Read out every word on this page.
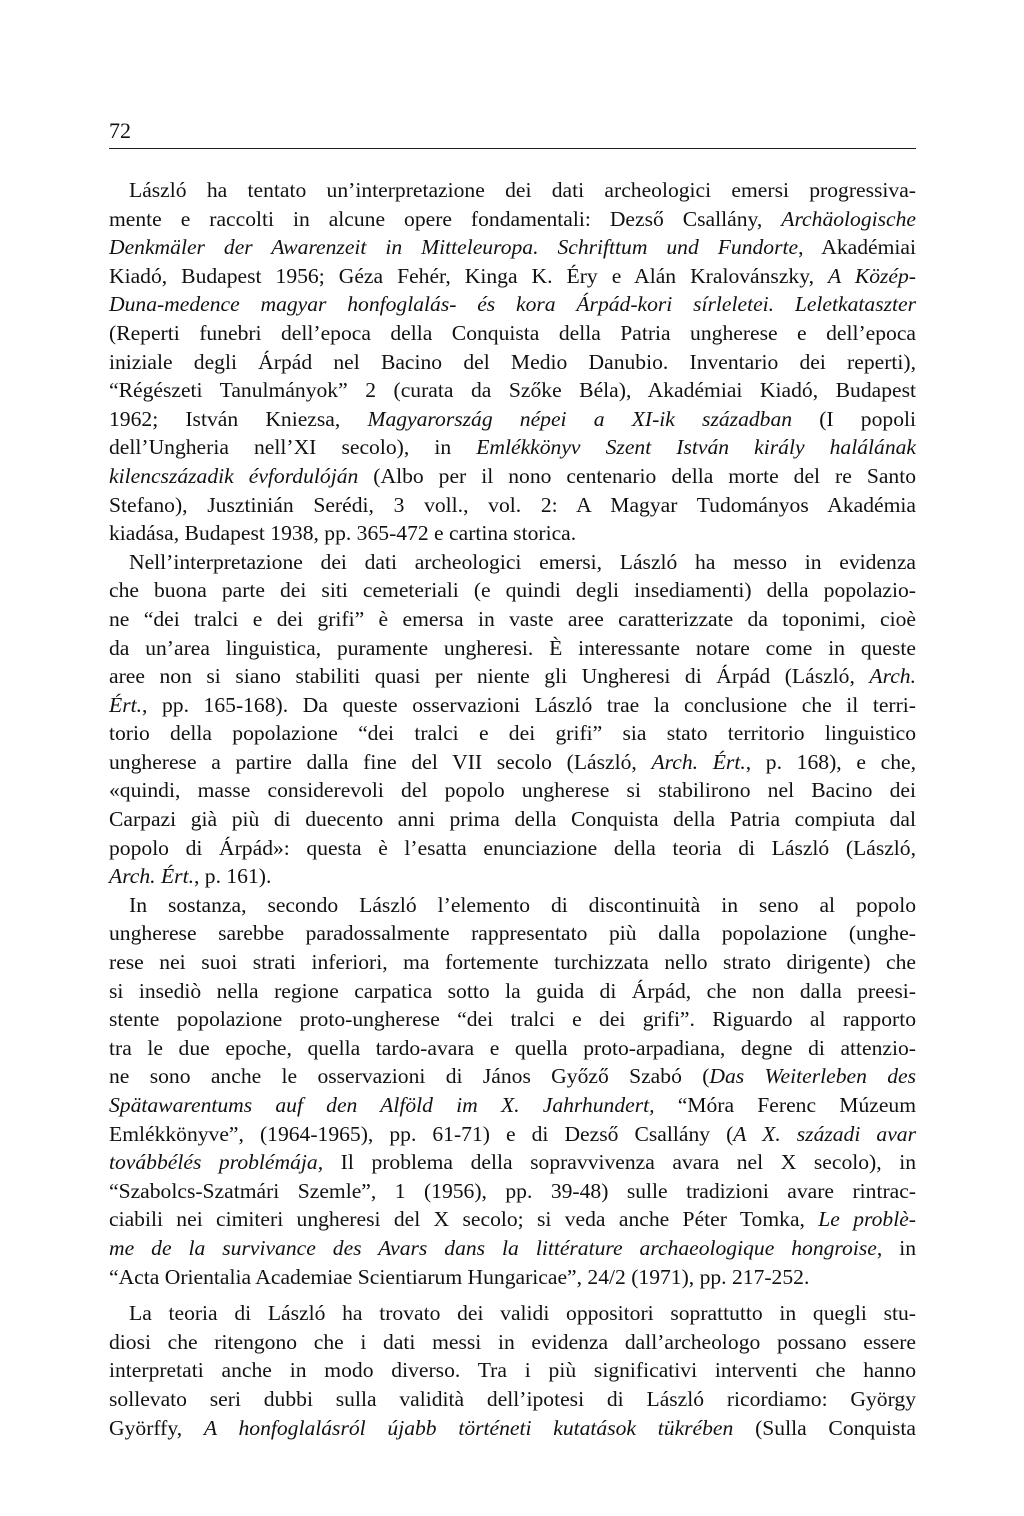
72
László ha tentato un’interpretazione dei dati archeologici emersi progressiva-
mente e raccolti in alcune opere fondamentali: Dezső Csallány, Archäologische
Denkmäler der Awarenzeit in Mitteleuropa. Schrifttum und Fundorte, Akadémiai
Kiadó, Budapest 1956; Géza Fehér, Kinga K. Éry e Alán Kralovánszky, A Közép-
Duna-medence magyar honfoglalás- és kora Árpád-kori sírleletei. Leletkataszter
(Reperti funebri dell’epoca della Conquista della Patria ungherese e dell’epoca
iniziale degli Árpád nel Bacino del Medio Danubio. Inventario dei reperti),
“Régészeti Tanulmányok” 2 (curata da Szőke Béla), Akadémiai Kiadó, Budapest
1962; István Kniezsa, Magyarország népei a XI-ik században (I popoli
dell’Ungheria nell’XI secolo), in Emlékkönyv Szent István király halálának
kilencszázadik évfordulóján (Albo per il nono centenario della morte del re Santo
Stefano), Jusztinián Serédi, 3 voll., vol. 2: A Magyar Tudományos Akadémia
kiadása, Budapest 1938, pp. 365-472 e cartina storica.
Nell’interpretazione dei dati archeologici emersi, László ha messo in evidenza
che buona parte dei siti cemeteriali (e quindi degli insediamenti) della popolazio-
ne “dei tralci e dei grifi” è emersa in vaste aree caratterizzate da toponimi, cioè
da un’area linguistica, puramente ungheresi. È interessante notare come in queste
aree non si siano stabiliti quasi per niente gli Ungheresi di Árpád (László, Arch.
Ért., pp. 165-168). Da queste osservazioni László trae la conclusione che il terri-
torio della popolazione “dei tralci e dei grifi” sia stato territorio linguistico
ungherese a partire dalla fine del VII secolo (László, Arch. Ért., p. 168), e che,
«quindi, masse considerevoli del popolo ungherese si stabilirono nel Bacino dei
Carpazi già più di duecento anni prima della Conquista della Patria compiuta dal
popolo di Árpád»: questa è l’esatta enunciazione della teoria di László (László,
Arch. Ért., p. 161).
In sostanza, secondo László l’elemento di discontinuità in seno al popolo
ungherese sarebbe paradossalmente rappresentato più dalla popolazione (unghe-
rese nei suoi strati inferiori, ma fortemente turchizzata nello strato dirigente) che
si insediò nella regione carpatica sotto la guida di Árpád, che non dalla preesi-
stente popolazione proto-ungherese “dei tralci e dei grifi”. Riguardo al rapporto
tra le due epoche, quella tardo-avara e quella proto-arpadiana, degne di attenzio-
ne sono anche le osservazioni di János Győző Szabó (Das Weiterleben des
Spätawarentums auf den Alföld im X. Jahrhundert, “Móra Ferenc Múzeum
Emlékkönyve”, (1964-1965), pp. 61-71) e di Dezső Csallány (A X. századi avar
továbbélés problémája, Il problema della sopravvivenza avara nel X secolo), in
“Szabolcs-Szatmári Szemle”, 1 (1956), pp. 39-48) sulle tradizioni avare rintrac-
ciabili nei cimiteri ungheresi del X secolo; si veda anche Péter Tomka, Le problè-
me de la survivance des Avars dans la littérature archaeologique hongroise, in
“Acta Orientalia Academiae Scientiarum Hungaricae”, 24/2 (1971), pp. 217-252.
La teoria di László ha trovato dei validi oppositori soprattutto in quegli stu-
diosi che ritengono che i dati messi in evidenza dall’archeologo possano essere
interpretati anche in modo diverso. Tra i più significativi interventi che hanno
sollevato seri dubbi sulla validità dell’ipotesi di László ricordiamo: György
Györffy, A honfoglalásról újabb történeti kutatások tükrében (Sulla Conquista
